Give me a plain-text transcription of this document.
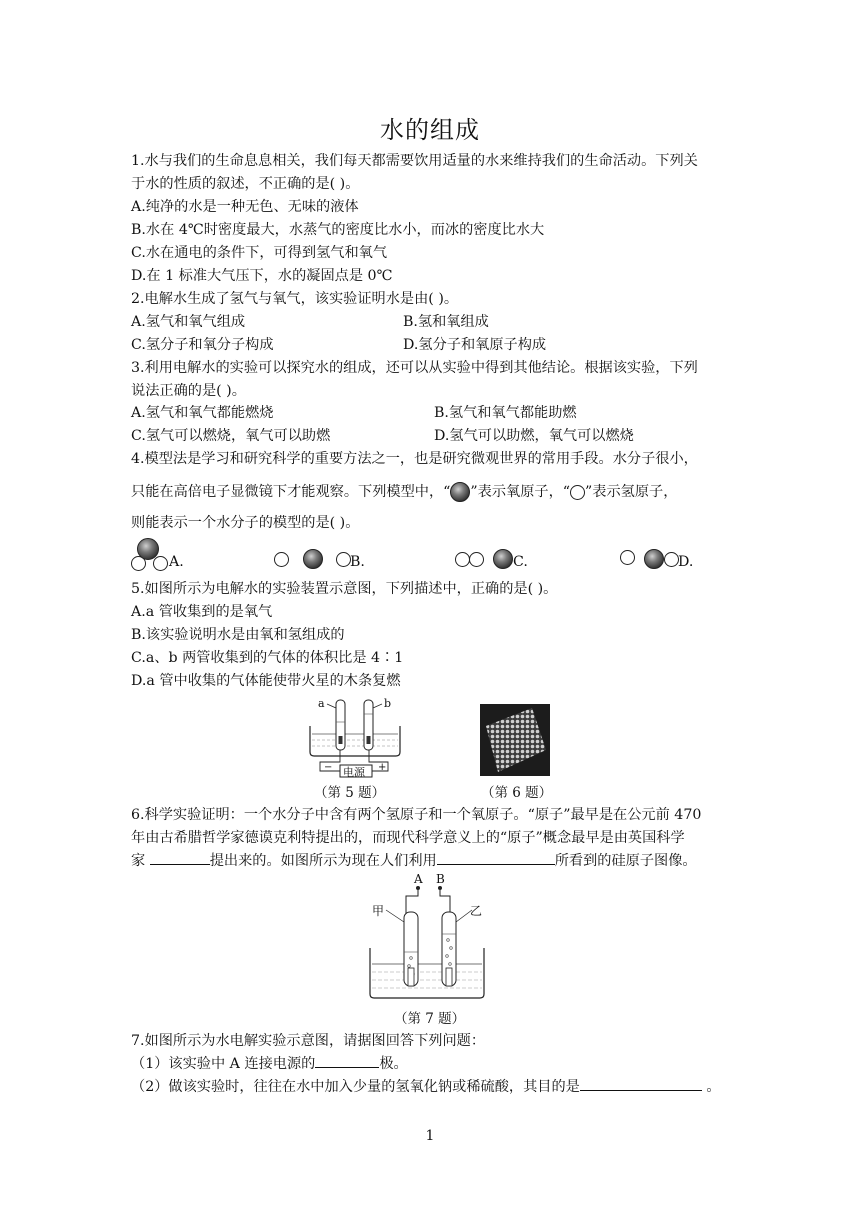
水的组成
1.水与我们的生命息息相关，我们每天都需要饮用适量的水来维持我们的生命活动。下列关
于水的性质的叙述，不正确的是( )。
A.纯净的水是一种无色、无味的液体
B.水在 4℃时密度最大，水蒸气的密度比水小，而冰的密度比水大
C.水在通电的条件下，可得到氢气和氧气
D.在 1 标准大气压下，水的凝固点是 0℃
2.电解水生成了氢气与氧气，该实验证明水是由( )。
A.氢气和氧气组成	B.氢和氧组成
C.氢分子和氧分子构成	D.氢分子和氧原子构成
3.利用电解水的实验可以探究水的组成，还可以从实验中得到其他结论。根据该实验，下列
说法正确的是( )。
A.氢气和氧气都能燃烧	B.氢气和氧气都能助燃
C.氢气可以燃烧，氧气可以助燃	D.氢气可以助燃，氧气可以燃烧
4.模型法是学习和研究科学的重要方法之一，也是研究微观世界的常用手段。水分子很小，
只能在高倍电子显微镜下才能观察。下列模型中，“ ”表示氧原子，“ ”表示氢原子，
则能表示一个水分子的模型的是( )。
A.	B.	C.	D.
5.如图所示为电解水的实验装置示意图，下列描述中，正确的是( )。
A.a 管收集到的是氧气
B.该实验说明水是由氧和氢组成的
C.a、b 两管收集到的气体的体积比是 4∶1
D.a 管中收集的气体能使带火星的木条复燃
a	b
电源
−	+
（第 5 题）	（第 6 题）
6.科学实验证明：一个水分子中含有两个氢原子和一个氧原子。“原子”最早是在公元前 470
年由古希腊哲学家德谟克利特提出的，而现代科学意义上的“原子”概念最早是由英国科学
家	提出来的。如图所示为现在人们利用	所看到的硅原子图像。
A B
甲	乙
（第 7 题）
7.如图所示为水电解实验示意图，请据图回答下列问题：
（1）该实验中 A 连接电源的	极。
（2）做该实验时，往往在水中加入少量的氢氧化钠或稀硫酸，其目的是	。
1
